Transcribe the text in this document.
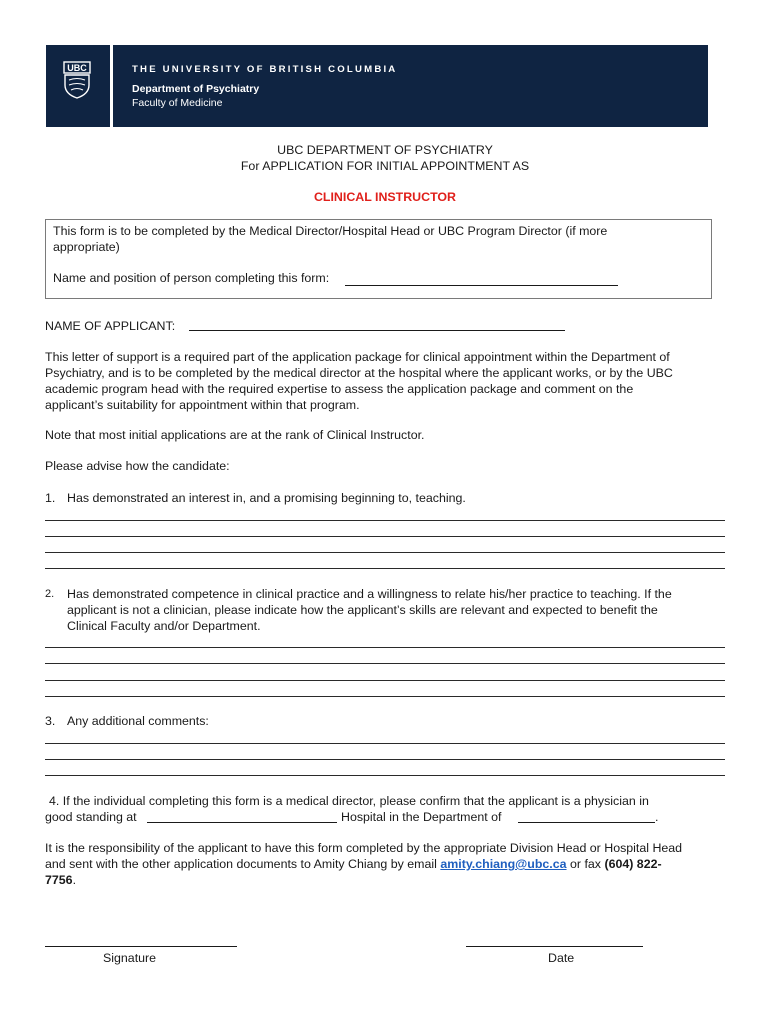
UBC	THE UNIVERSITY OF BRITISH COLUMBIA
Department of Psychiatry
Faculty of Medicine
UBC DEPARTMENT OF PSYCHIATRY
For APPLICATION FOR INITIAL APPOINTMENT AS
CLINICAL INSTRUCTOR
This form is to be completed by the Medical Director/Hospital Head or UBC Program Director (if more
appropriate)
Name and position of person completing this form:
NAME OF APPLICANT:
This letter of support is a required part of the application package for clinical appointment within the Department of
Psychiatry, and is to be completed by the medical director at the hospital where the applicant works, or by the UBC
academic program head with the required expertise to assess the application package and comment on the
applicant’s suitability for appointment within that program.
Note that most initial applications are at the rank of Clinical Instructor.
Please advise how the candidate:
1. Has demonstrated an interest in, and a promising beginning to, teaching.
2. Has demonstrated competence in clinical practice and a willingness to relate his/her practice to teaching. If the
applicant is not a clinician, please indicate how the applicant’s skills are relevant and expected to benefit the
Clinical Faculty and/or Department.
3. Any additional comments:
4. If the individual completing this form is a medical director, please confirm that the applicant is a physician in
good standing at	Hospital in the Department of	.
It is the responsibility of the applicant to have this form completed by the appropriate Division Head or Hospital Head
and sent with the other application documents to Amity Chiang by email amity.chiang@ubc.ca or fax (604) 822-
7756.
Signature	Date
